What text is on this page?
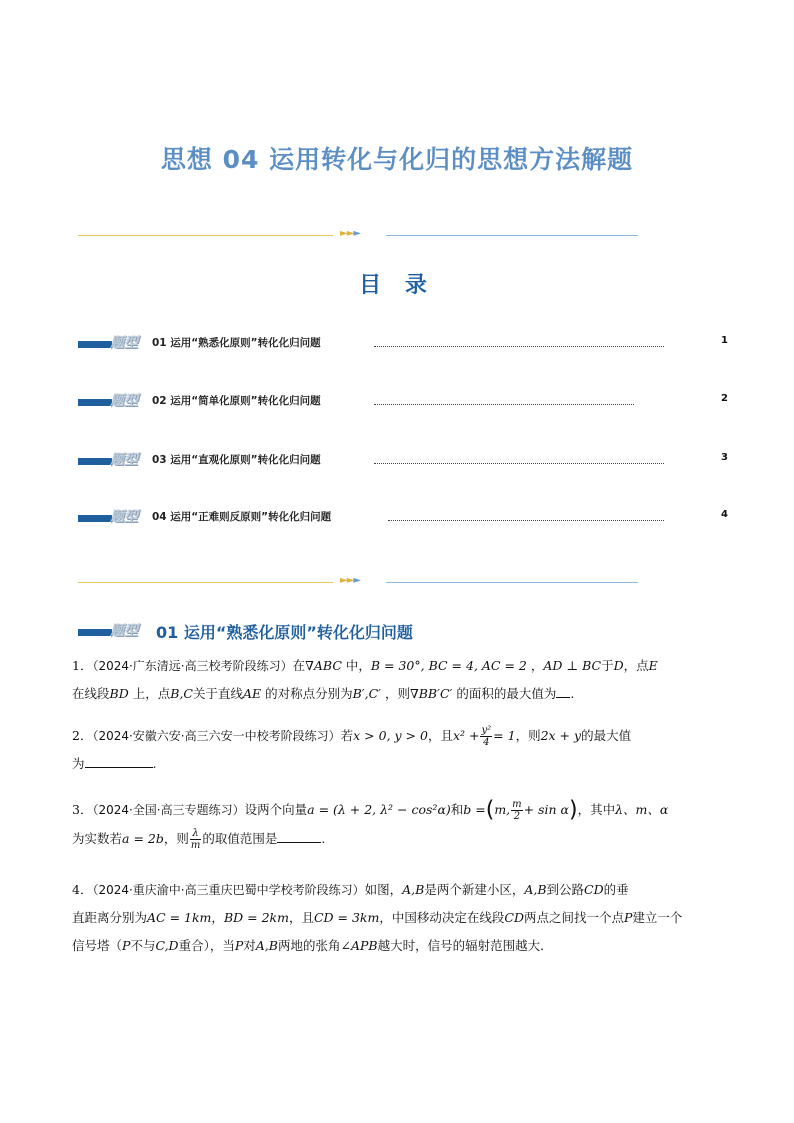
思想 04 运用转化与化归的思想方法解题
►►►
目 录
题型 01 运用“熟悉化原则”转化化归问题	1
题型 02 运用“简单化原则”转化化归问题	2
题型 03 运用“直观化原则”转化化归问题	3
题型 04 运用“正难则反原则”转化化归问题	4
►►►
题型 01 运用“熟悉化原则”转化化归问题
1．（2024·广东清远·高三校考阶段练习）在∇ABC 中，B = 30°, BC = 4, AC = 2 ，AD ⊥ BC于D，点E
在线段BD 上，点B,C关于直线AE 的对称点分别为B′,C′ ，则∇BB′C′ 的面积的最大值为 .
2．（2024·安徽六安·高三六安一中校考阶段练习）若x > 0, y > 0，且$x^2 + \frac{\text{y²}}{4} = 1$，则2x + y的最大值
为	.
3．（2024·全国·高三专题练习）设两个向量a = (λ + 2, λ² − cos²α)和b =(m, $\frac{m}{2} + \sin \alpha$)，其中λ、m、α
为实数若a = 2b，则 $\frac{\lambda}{m}$ 的取值范围是	.
4．（2024·重庆渝中·高三重庆巴蜀中学校考阶段练习）如图，A,B是两个新建小区，A,B到公路CD的垂
直距离分别为AC = 1km，BD = 2km，且CD = 3km，中国移动决定在线段CD两点之间找一个点P建立一个
信号塔（P不与C,D重合），当P对A,B两地的张角∠APB越大时，信号的辐射范围越大．
